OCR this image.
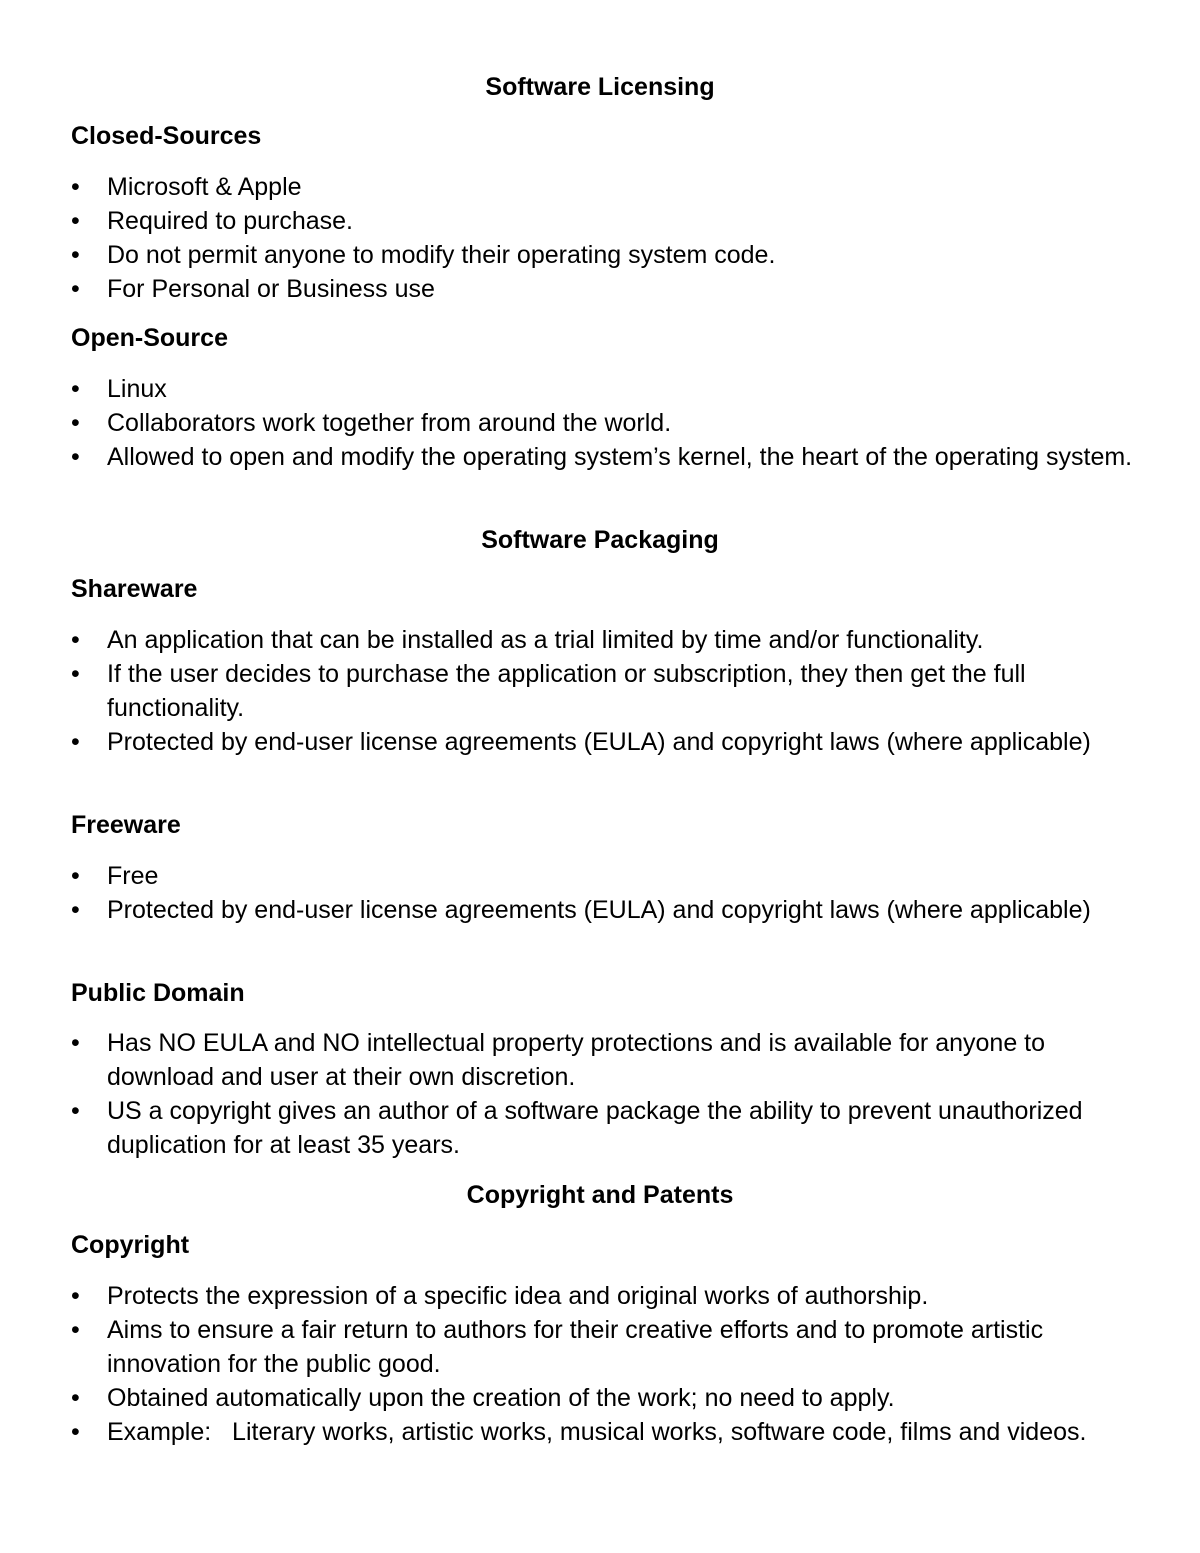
Software Licensing
Closed-Sources
• Microsoft & Apple
• Required to purchase.
• Do not permit anyone to modify their operating system code.
• For Personal or Business use
Open-Source
• Linux
• Collaborators work together from around the world.
• Allowed to open and modify the operating system’s kernel, the heart of the operating system.
Software Packaging
Shareware
• An application that can be installed as a trial limited by time and/or functionality.
• If the user decides to purchase the application or subscription, they then get the full functionality.
• Protected by end-user license agreements (EULA) and copyright laws (where applicable)
Freeware
• Free
• Protected by end-user license agreements (EULA) and copyright laws (where applicable)
Public Domain
• Has NO EULA and NO intellectual property protections and is available for anyone to download and user at their own discretion.
• US a copyright gives an author of a software package the ability to prevent unauthorized duplication for at least 35 years.
Copyright and Patents
Copyright
• Protects the expression of a specific idea and original works of authorship.
• Aims to ensure a fair return to authors for their creative efforts and to promote artistic innovation for the public good.
• Obtained automatically upon the creation of the work; no need to apply.
• Example:   Literary works, artistic works, musical works, software code, films and videos.
